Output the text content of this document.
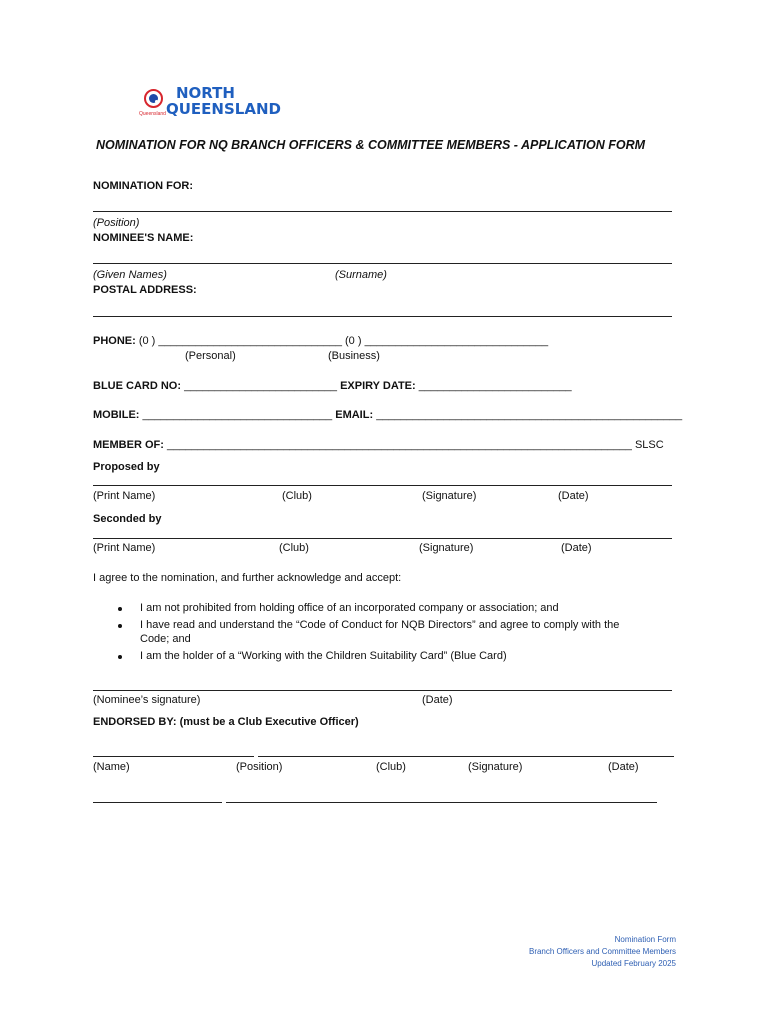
NORTH
QUEENSLAND
Queensland
NOMINATION FOR NQ BRANCH OFFICERS & COMMITTEE MEMBERS - APPLICATION FORM
NOMINATION FOR:
(Position)
NOMINEE'S NAME:
(Given Names)	(Surname)
POSTAL ADDRESS:
PHONE: (0 ) ______________________________ (0 ) ______________________________
(Personal)	(Business)
BLUE CARD NO: _________________________ EXPIRY DATE: _________________________
MOBILE: _______________________________ EMAIL: __________________________________________________
MEMBER OF: ____________________________________________________________________________ SLSC
Proposed by
(Print Name)	(Club)	(Signature)	(Date)
Seconded by
(Print Name)	(Club)	(Signature)	(Date)
I agree to the nomination, and further acknowledge and accept:
I am not prohibited from holding office of an incorporated company or association; and
I have read and understand the “Code of Conduct for NQB Directors” and agree to comply with the
Code; and
I am the holder of a “Working with the Children Suitability Card” (Blue Card)
(Nominee’s signature)	(Date)
ENDORSED BY: (must be a Club Executive Officer)
(Name)	(Position)	(Club)	(Signature)	(Date)
Nomination Form
Branch Officers and Committee Members
Updated February 2025
